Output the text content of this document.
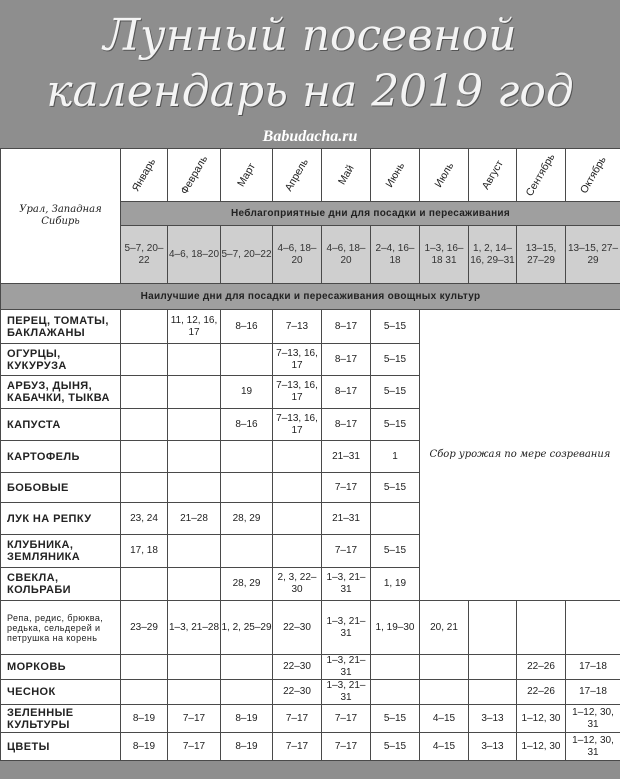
Лунный посевной
календарь на 2019 год
Babudacha.ru
Урал, Западная Сибирь	Январь	Февраль	Март	Апрель	Май	Июнь	Июль	Август	Сентябрь	Октябрь
	Неблагоприятные дни для посадки и пересаживания									
	5–7, 20–22	4–6, 18–20	5–7, 20–22	4–6, 18–20	4–6, 18–20	2–4, 16–18	1–3, 16–18 31	1, 2, 14–16, 29–31	13–15, 27–29	13–15, 27–29
Наилучшие дни для посадки и пересаживания овощных культур										
ПЕРЕЦ, ТОМАТЫ, БАКЛАЖАНЫ		11, 12, 16, 17	8–16	7–13	8–17	5–15	Сбор урожая по мере созревания			
ОГУРЦЫ, КУКУРУЗА				7–13, 16, 17	8–17	5–15				
АРБУЗ, ДЫНЯ, КАБАЧКИ, ТЫКВА			19	7–13, 16, 17	8–17	5–15				
КАПУСТА			8–16	7–13, 16, 17	8–17	5–15				
КАРТОФЕЛЬ					21–31	1				
БОБОВЫЕ					7–17	5–15				
ЛУК НА РЕПКУ	23, 24	21–28	28, 29		21–31					
КЛУБНИКА, ЗЕМЛЯНИКА	17, 18				7–17	5–15				
СВЕКЛА, КОЛЬРАБИ			28, 29	2, 3, 22–30	1–3, 21–31	1, 19				
Репа, редис, брюква, редька, сельдерей и петрушка на корень	23–29	1–3, 21–28	1, 2, 25–29	22–30	1–3, 21–31	1, 19–30	20, 21			
МОРКОВЬ				22–30	1–3, 21–31				22–26	17–18
ЧЕСНОК				22–30	1–3, 21–31				22–26	17–18
ЗЕЛЕННЫЕ КУЛЬТУРЫ	8–19	7–17	8–19	7–17	7–17	5–15	4–15	3–13	1–12, 30	1–12, 30, 31
ЦВЕТЫ	8–19	7–17	8–19	7–17	7–17	5–15	4–15	3–13	1–12, 30	1–12, 30, 31
